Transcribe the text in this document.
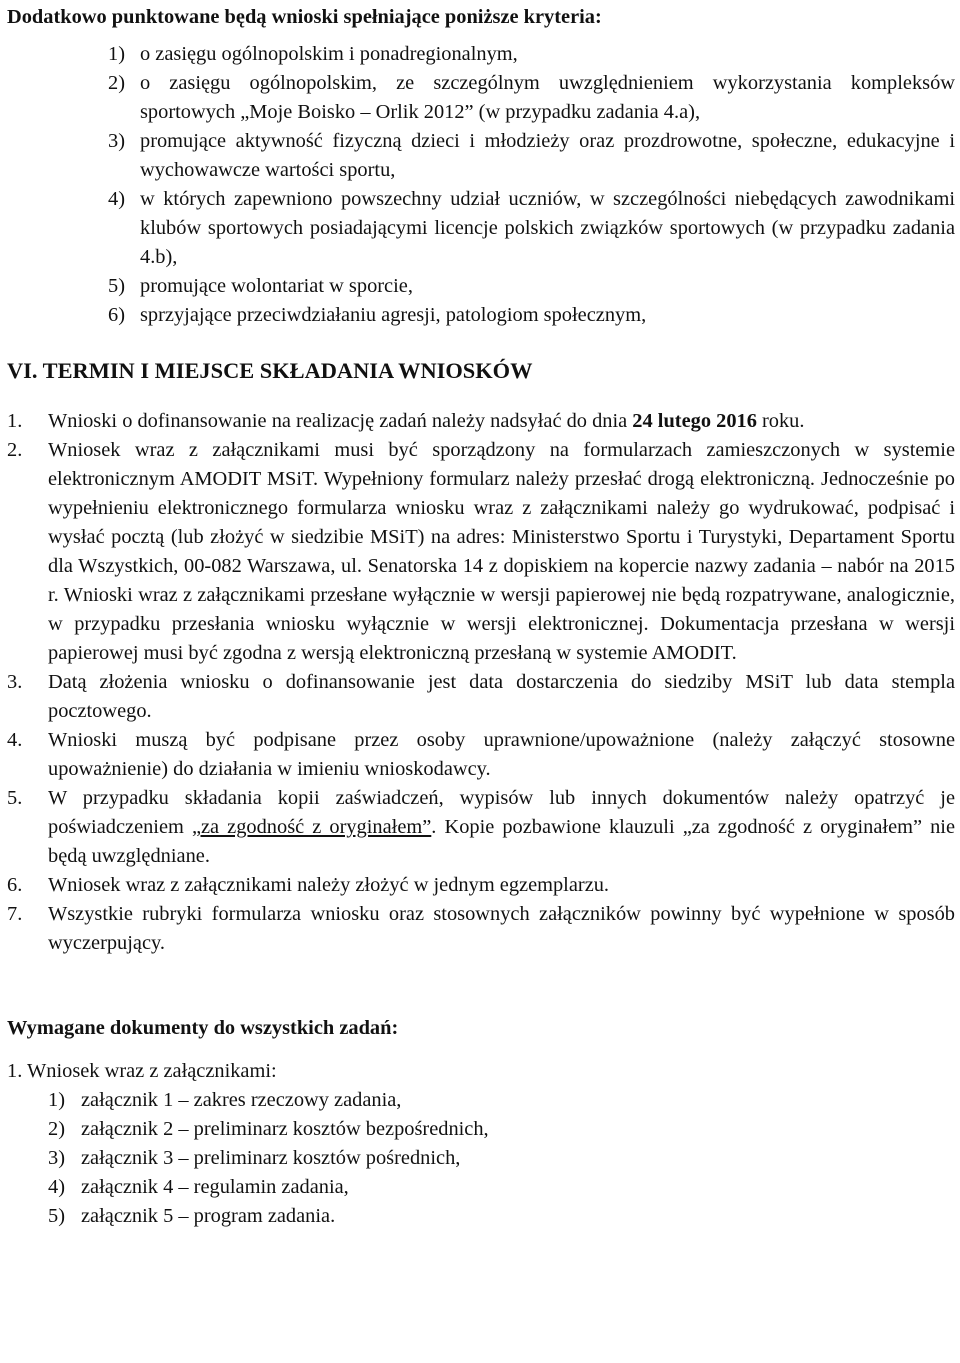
Dodatkowo punktowane będą wnioski spełniające poniższe kryteria:

1) o zasięgu ogólnopolskim i ponadregionalnym,

2) o zasięgu ogólnopolskim, ze szczególnym uwzględnieniem wykorzystania kompleksów sportowych „Moje Boisko – Orlik 2012” (w przypadku zadania 4.a),

3) promujące aktywność fizyczną dzieci i młodzieży oraz prozdrowotne, społeczne, edukacyjne i wychowawcze wartości sportu,

4) w których zapewniono powszechny udział uczniów, w szczególności niebędących zawodnikami klubów sportowych posiadającymi licencje polskich związków sportowych (w przypadku zadania 4.b),

5) promujące wolontariat w sporcie,

6) sprzyjające przeciwdziałaniu agresji, patologiom społecznym,

VI. TERMIN I MIEJSCE SKŁADANIA WNIOSKÓW

1. Wnioski o dofinansowanie na realizację zadań należy nadsyłać do dnia 24 lutego 2016 roku.

2. Wniosek wraz z załącznikami musi być sporządzony na formularzach zamieszczonych w systemie elektronicznym AMODIT MSiT. Wypełniony formularz należy przesłać drogą elektroniczną. Jednocześnie po wypełnieniu elektronicznego formularza wniosku wraz z załącznikami należy go wydrukować, podpisać i wysłać pocztą (lub złożyć w siedzibie MSiT) na adres: Ministerstwo Sportu i Turystyki, Departament Sportu dla Wszystkich, 00-082 Warszawa, ul. Senatorska 14 z dopiskiem na kopercie nazwy zadania – nabór na 2015 r. Wnioski wraz z załącznikami przesłane wyłącznie w wersji papierowej nie będą rozpatrywane, analogicznie, w przypadku przesłania wniosku wyłącznie w wersji elektronicznej. Dokumentacja przesłana w wersji papierowej musi być zgodna z wersją elektroniczną przesłaną w systemie AMODIT.

3. Datą złożenia wniosku o dofinansowanie jest data dostarczenia do siedziby MSiT lub data stempla pocztowego.

4. Wnioski muszą być podpisane przez osoby uprawnione/upoważnione (należy załączyć stosowne upoważnienie) do działania w imieniu wnioskodawcy.

5. W przypadku składania kopii zaświadczeń, wypisów lub innych dokumentów należy opatrzyć je poświadczeniem „za zgodność z oryginałem”. Kopie pozbawione klauzuli „za zgodność z oryginałem” nie będą uwzględniane.

6. Wniosek wraz z załącznikami należy złożyć w jednym egzemplarzu.

7. Wszystkie rubryki formularza wniosku oraz stosownych załączników powinny być wypełnione w sposób wyczerpujący.

Wymagane dokumenty do wszystkich zadań:

1. Wniosek wraz z załącznikami:

1) załącznik 1 – zakres rzeczowy zadania,

2) załącznik 2 – preliminarz kosztów bezpośrednich,

3) załącznik 3 – preliminarz kosztów pośrednich,

4) załącznik 4 – regulamin zadania,

5) załącznik 5 – program zadania.
